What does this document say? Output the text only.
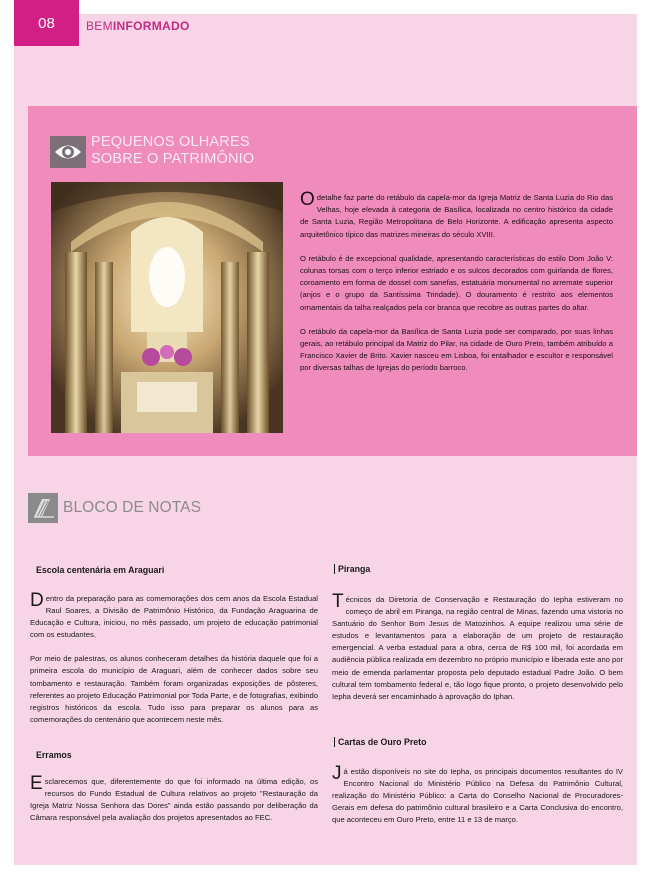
08	BEMINFORMADO
PEQUENOS OLHARES
SOBRE O PATRIMÔNIO

O detalhe faz parte do retábulo da capela-mor da Igreja Matriz de Santa Luzia do Rio das Velhas, hoje elevada à categoria de Basílica, localizada no centro histórico da cidade de Santa Luzia, Região Metropolitana de Belo Horizonte. A edificação apresenta aspecto arquitetônico típico das matrizes mineiras do século XVIII.

O retábulo é de excepcional qualidade, apresentando características do estilo Dom João V: colunas torsas com o terço inferior estriado e os sulcos decorados com guirlanda de flores, coroamento em forma de dossel com sanefas, estatuária monumental no arremate superior (anjos e o grupo da Santíssima Trindade). O douramento é restrito aos elementos ornamentais da talha realçados pela cor branca que recobre as outras partes do altar.

O retábulo da capela-mor da Basílica de Santa Luzia pode ser comparado, por suas linhas gerais, ao retábulo principal da Matriz do Pilar, na cidade de Ouro Preto, também atribuído a Francisco Xavier de Brito. Xavier nasceu em Lisboa, foi entalhador e escultor e responsável por diversas talhas de Igrejas do período barroco.

BLOCO DE NOTAS
Escola centenária em Araguari

Dentro da preparação para as comemorações dos cem anos da Escola Estadual Raul Soares, a Divisão de Patrimônio Histórico, da Fundação Araguarina de Educação e Cultura, iniciou, no mês passado, um projeto de educação patrimonial com os estudantes.

Por meio de palestras, os alunos conheceram detalhes da história daquele que foi a primeira escola do município de Araguari, além de conhecer dados sobre seu tombamento e restauração. Também foram organizadas exposições de pôsteres, referentes ao projeto Educação Patrimonial por Toda Parte, e de fotografias, exibindo registros históricos da escola. Tudo isso para preparar os alunos para as comemorações do centenário que acontecem neste mês.

Erramos

Esclarecemos que, diferentemente do que foi informado na última edição, os recursos do Fundo Estadual de Cultura relativos ao projeto "Restauração da Igreja Matriz Nossa Senhora das Dores" ainda estão passando por deliberação da Câmara responsável pela avaliação dos projetos apresentados ao FEC.

Piranga

Técnicos da Diretoria de Conservação e Restauração do Iepha estiveram no começo de abril em Piranga, na região central de Minas, fazendo uma vistoria no Santuário do Senhor Bom Jesus de Matozinhos. A equipe realizou uma série de estudos e levantamentos para a elaboração de um projeto de restauração emergencial. A verba estadual para a obra, cerca de R$ 100 mil, foi acordada em audiência pública realizada em dezembro no próprio município e liberada este ano por meio de emenda parlamentar proposta pelo deputado estadual Padre João. O bem cultural tem tombamento federal e, tão logo fique pronto, o projeto desenvolvido pelo Iepha deverá ser encaminhado à aprovação do Iphan.

Cartas de Ouro Preto

Já estão disponíveis no site do Iepha, os principais documentos resultantes do IV Encontro Nacional do Ministério Público na Defesa do Patrimônio Cultural, realização do Ministério Público: a Carta do Conselho Nacional de Procuradores-Gerais em defesa do patrimônio cultural brasileiro e a Carta Conclusiva do encontro, que aconteceu em Ouro Preto, entre 11 e 13 de março.
